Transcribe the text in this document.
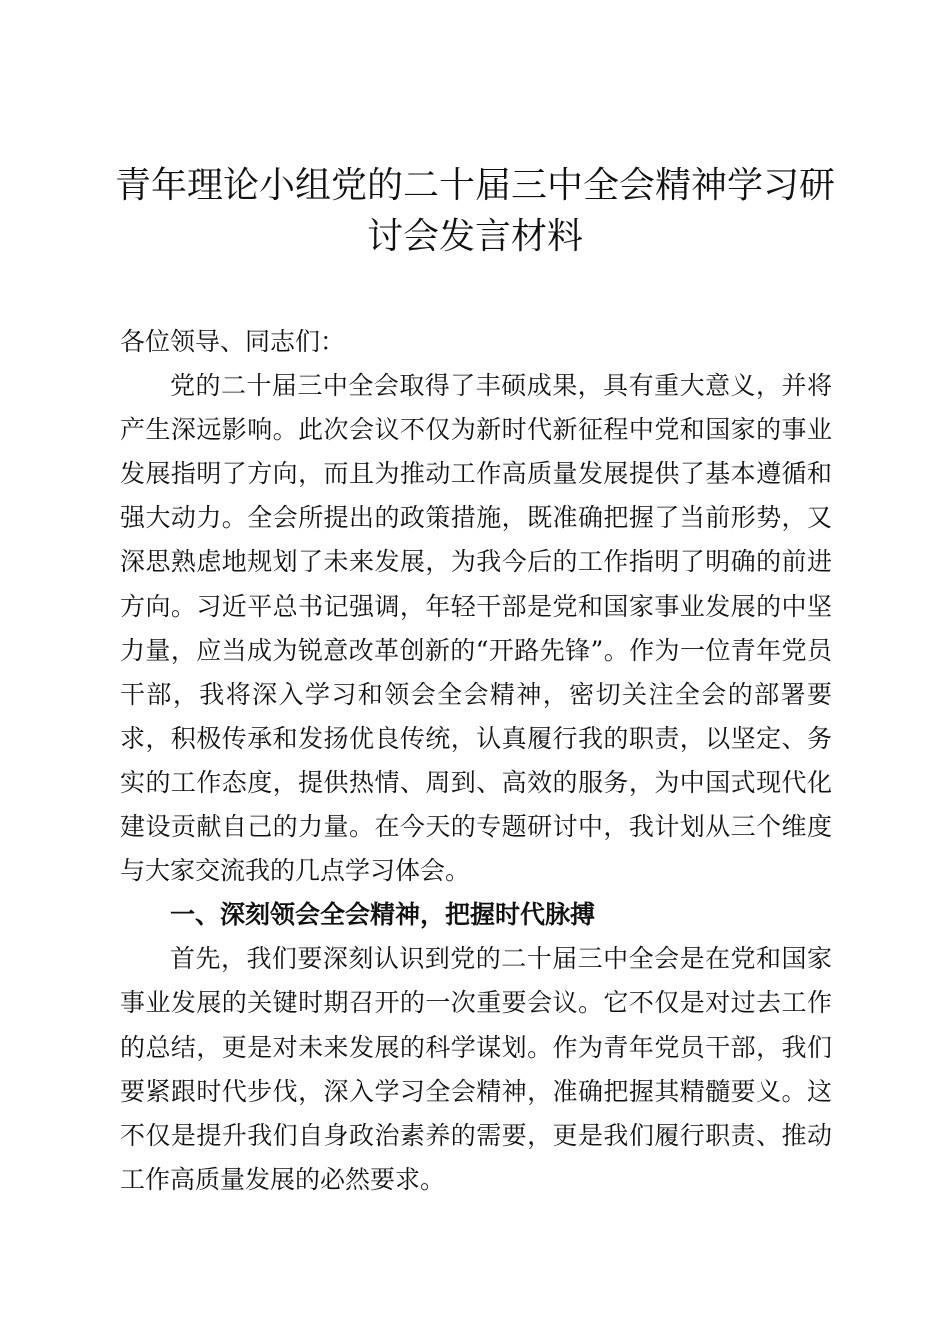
青年理论小组党的二十届三中全会精神学习研讨会发言材料

各位领导、同志们：

党的二十届三中全会取得了丰硕成果，具有重大意义，并将产生深远影响。此次会议不仅为新时代新征程中党和国家的事业发展指明了方向，而且为推动工作高质量发展提供了基本遵循和强大动力。全会所提出的政策措施，既准确把握了当前形势，又深思熟虑地规划了未来发展，为我今后的工作指明了明确的前进方向。习近平总书记强调，年轻干部是党和国家事业发展的中坚力量，应当成为锐意改革创新的“开路先锋”。作为一位青年党员干部，我将深入学习和领会全会精神，密切关注全会的部署要求，积极传承和发扬优良传统，认真履行我的职责，以坚定、务实的工作态度，提供热情、周到、高效的服务，为中国式现代化建设贡献自己的力量。在今天的专题研讨中，我计划从三个维度与大家交流我的几点学习体会。

一、深刻领会全会精神，把握时代脉搏

首先，我们要深刻认识到党的二十届三中全会是在党和国家事业发展的关键时期召开的一次重要会议。它不仅是对过去工作的总结，更是对未来发展的科学谋划。作为青年党员干部，我们要紧跟时代步伐，深入学习全会精神，准确把握其精髓要义。这不仅是提升我们自身政治素养的需要，更是我们履行职责、推动工作高质量发展的必然要求。
